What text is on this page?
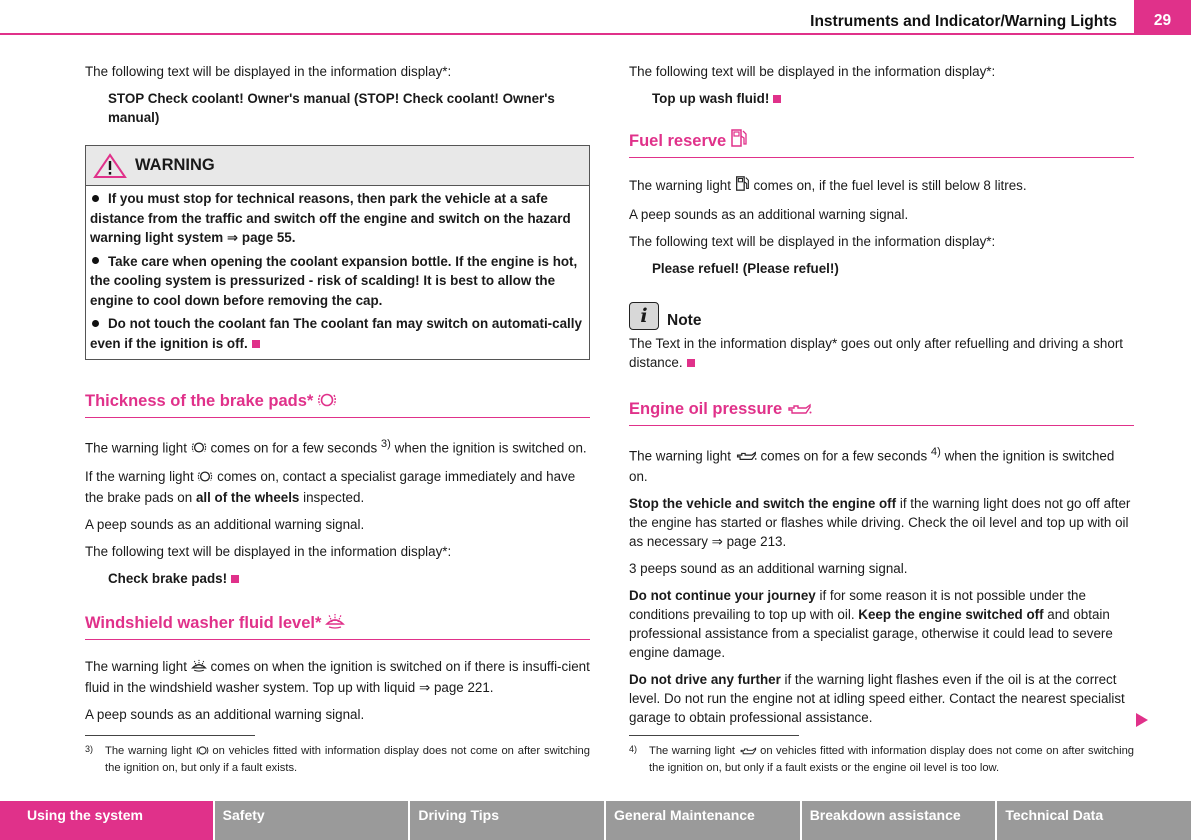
Instruments and Indicator/Warning Lights	29

The following text will be displayed in the information display*:

STOP Check coolant! Owner's manual (STOP! Check coolant! Owner's manual)

WARNING

If you must stop for technical reasons, then park the vehicle at a safe distance from the traffic and switch off the engine and switch on the hazard warning light system ⇒ page 55.

Take care when opening the coolant expansion bottle. If the engine is hot, the cooling system is pressurized - risk of scalding! It is best to allow the engine to cool down before removing the cap.

Do not touch the coolant fan The coolant fan may switch on automati-cally even if the ignition is off.

Thickness of the brake pads*

The warning light comes on for a few seconds $^{3)}$ when the ignition is switched on.

If the warning light comes on, contact a specialist garage immediately and have the brake pads on all of the wheels inspected.

A peep sounds as an additional warning signal.

The following text will be displayed in the information display*:

Check brake pads!

Windshield washer fluid level*

The warning light comes on when the ignition is switched on if there is insuffi-cient fluid in the windshield washer system. Top up with liquid ⇒ page 221.

A peep sounds as an additional warning signal.

3)	The warning light on vehicles fitted with information display does not come on after switching the ignition on, but only if a fault exists.

The following text will be displayed in the information display*:

Top up wash fluid!

Fuel reserve

The warning light comes on, if the fuel level is still below 8 litres.

A peep sounds as an additional warning signal.

The following text will be displayed in the information display*:

Please refuel! (Please refuel!)

i	Note

The Text in the information display* goes out only after refuelling and driving a short distance.

Engine oil pressure

The warning light comes on for a few seconds $^{4)}$ when the ignition is switched on.

Stop the vehicle and switch the engine off if the warning light does not go off after the engine has started or flashes while driving. Check the oil level and top up with oil as necessary ⇒ page 213.

3 peeps sound as an additional warning signal.

Do not continue your journey if for some reason it is not possible under the conditions prevailing to top up with oil. Keep the engine switched off and obtain professional assistance from a specialist garage, otherwise it could lead to severe engine damage.

Do not drive any further if the warning light flashes even if the oil is at the correct level. Do not run the engine not at idling speed either. Contact the nearest specialist garage to obtain professional assistance.

4)	The warning light on vehicles fitted with information display does not come on after switching the ignition on, but only if a fault exists or the engine oil level is too low.
Using the system	Safety	Driving Tips	General Maintenance	Breakdown assistance	Technical Data
